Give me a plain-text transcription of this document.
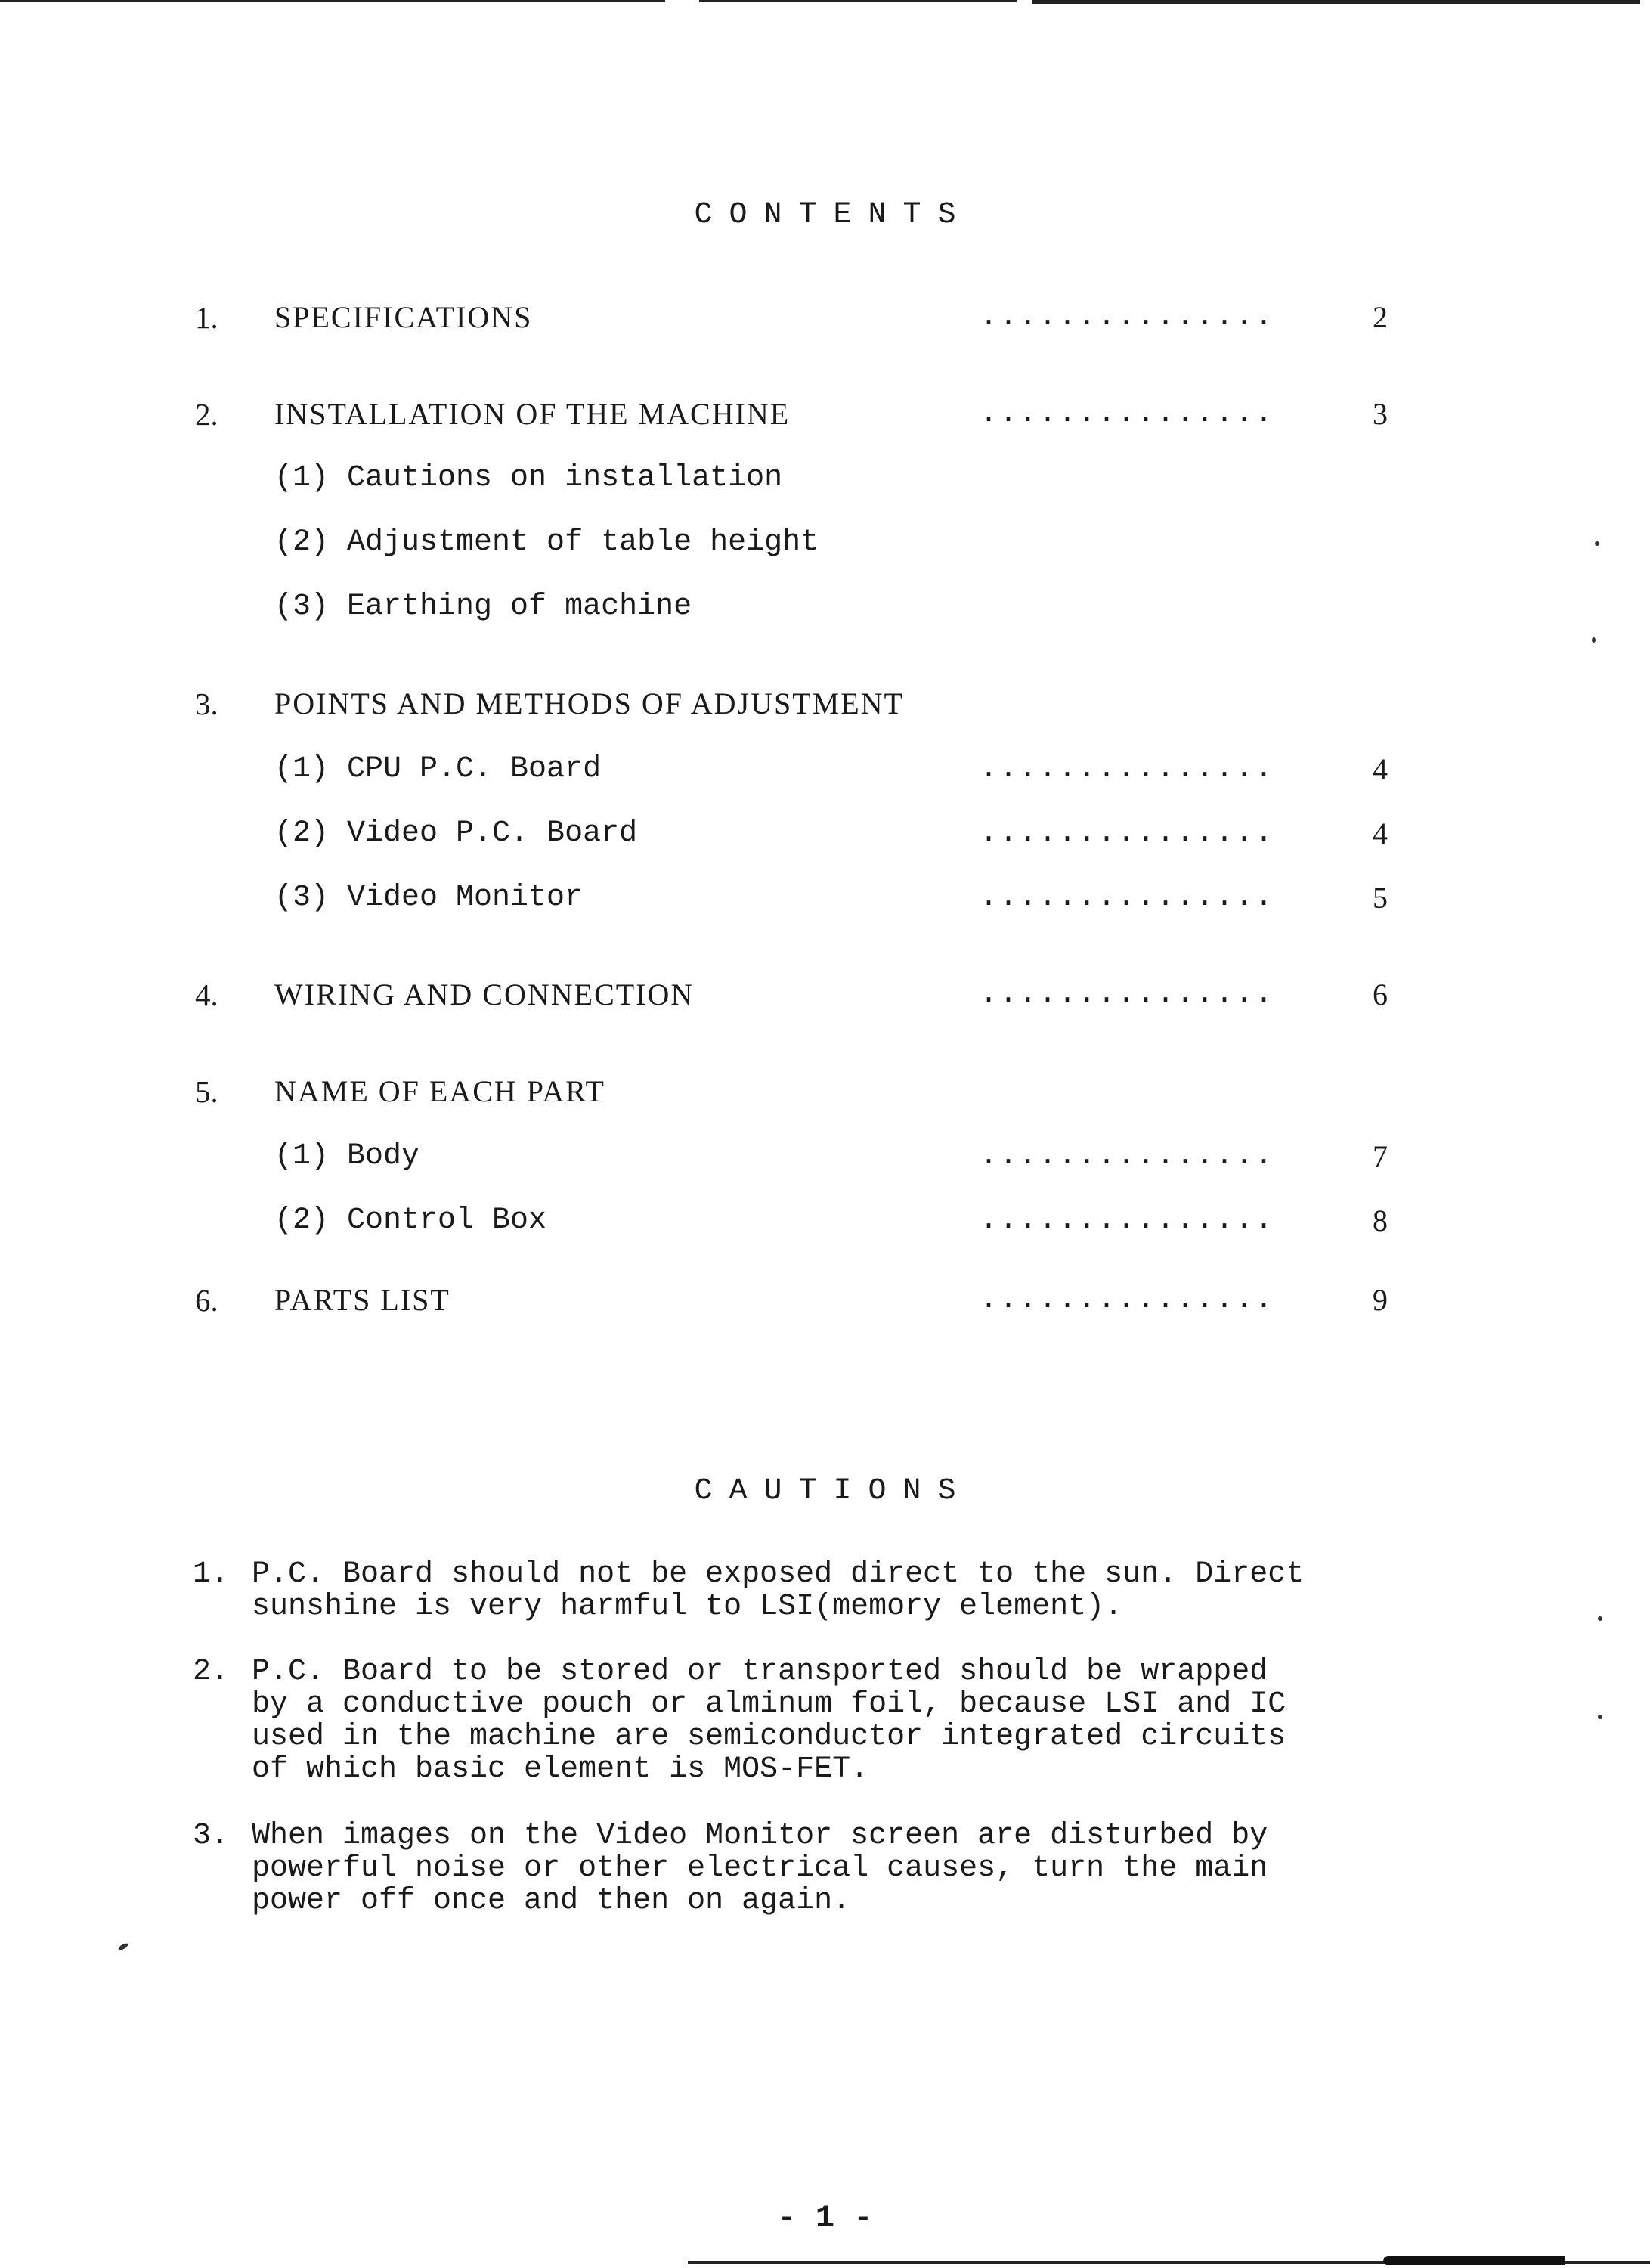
CONTENTS
1. SPECIFICATIONS	...............	2
2. INSTALLATION OF THE MACHINE	...............	3
(1) Cautions on installation
(2) Adjustment of table height
(3) Earthing of machine
3. POINTS AND METHODS OF ADJUSTMENT
(1) CPU P.C. Board	...............	4
(2) Video P.C. Board	...............	4
(3) Video Monitor	...............	5
4. WIRING AND CONNECTION	...............	6
5. NAME OF EACH PART
(1) Body	...............	7
(2) Control Box	...............	8
6. PARTS LIST	...............	9
CAUTIONS
1. P.C. Board should not be exposed direct to the sun. Direct
sunshine is very harmful to LSI(memory element).
2. P.C. Board to be stored or transported should be wrapped
by a conductive pouch or alminum foil, because LSI and IC
used in the machine are semiconductor integrated circuits
of which basic element is MOS-FET.
3. When images on the Video Monitor screen are disturbed by
powerful noise or other electrical causes, turn the main
power off once and then on again.
- 1 -
